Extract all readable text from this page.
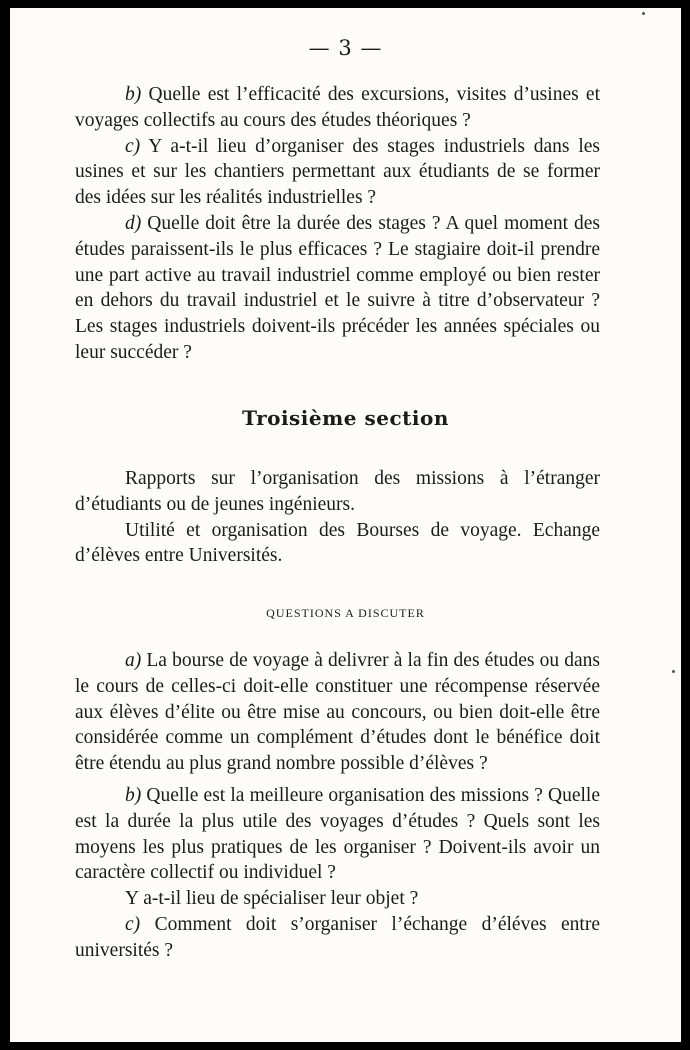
— 3 —

b) Quelle est l’efficacité des excursions, visites d’usines et voyages collectifs au cours des études théoriques ?

c) Y a-t-il lieu d’organiser des stages industriels dans les usines et sur les chantiers permettant aux étudiants de se former des idées sur les réalités industrielles ?

d) Quelle doit être la durée des stages ? A quel moment des études paraissent-ils le plus efficaces ? Le stagiaire doit-il prendre une part active au travail industriel comme employé ou bien rester en dehors du travail industriel et le suivre à titre d’observateur ? Les stages industriels doivent-ils précéder les années spéciales ou leur succéder ?

Troisième section

Rapports sur l’organisation des missions à l’étranger d’étudiants ou de jeunes ingénieurs.

Utilité et organisation des Bourses de voyage. Echange d’élèves entre Universités.

QUESTIONS A DISCUTER

a) La bourse de voyage à delivrer à la fin des études ou dans le cours de celles-ci doit-elle constituer une récompense réservée aux élèves d’élite ou être mise au concours, ou bien doit-elle être considérée comme un complément d’études dont le bénéfice doit être étendu au plus grand nombre possible d’élèves ?

b) Quelle est la meilleure organisation des missions ? Quelle est la durée la plus utile des voyages d’études ? Quels sont les moyens les plus pratiques de les organiser ? Doivent-ils avoir un caractère collectif ou individuel ?

Y a-t-il lieu de spécialiser leur objet ?

c) Comment doit s’organiser l’échange d’éléves entre universités ?
